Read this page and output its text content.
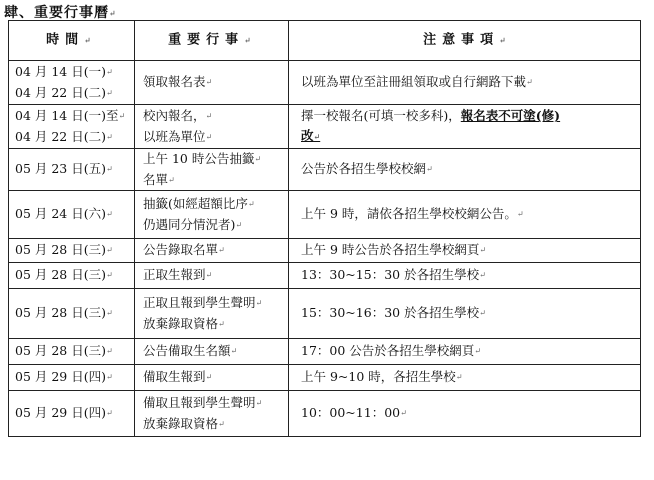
肆、重要行事曆↵
時間↵	重要行事↵	注意事項↵

04 月 14 日(一)↵
04 月 22 日(二)↵	領取報名表↵	以班為單位至註冊組領取或自行網路下載↵

04 月 14 日(一)至↵
04 月 22 日(二)↵	校內報名，↵
以班為單位↵	擇一校報名(可填一校多科)，報名表不可塗(修)
改↵

05 月 23 日(五)↵	上午 10 時公告抽籤↵
名單↵	公告於各招生學校校網↵

05 月 24 日(六)↵	抽籤(如經超額比序↵
仍遇同分情況者)↵	上午 9 時，請依各招生學校校網公告。↵

05 月 28 日(三)↵	公告錄取名單↵	上午 9 時公告於各招生學校網頁↵

05 月 28 日(三)↵	正取生報到↵	13：30~15：30 於各招生學校↵

05 月 28 日(三)↵	正取且報到學生聲明↵
放棄錄取資格↵	15：30~16：30 於各招生學校↵

05 月 28 日(三)↵	公告備取生名額↵	17：00 公告於各招生學校網頁↵

05 月 29 日(四)↵	備取生報到↵	上午 9~10 時，各招生學校↵

05 月 29 日(四)↵	備取且報到學生聲明↵
放棄錄取資格↵	10：00~11：00↵
